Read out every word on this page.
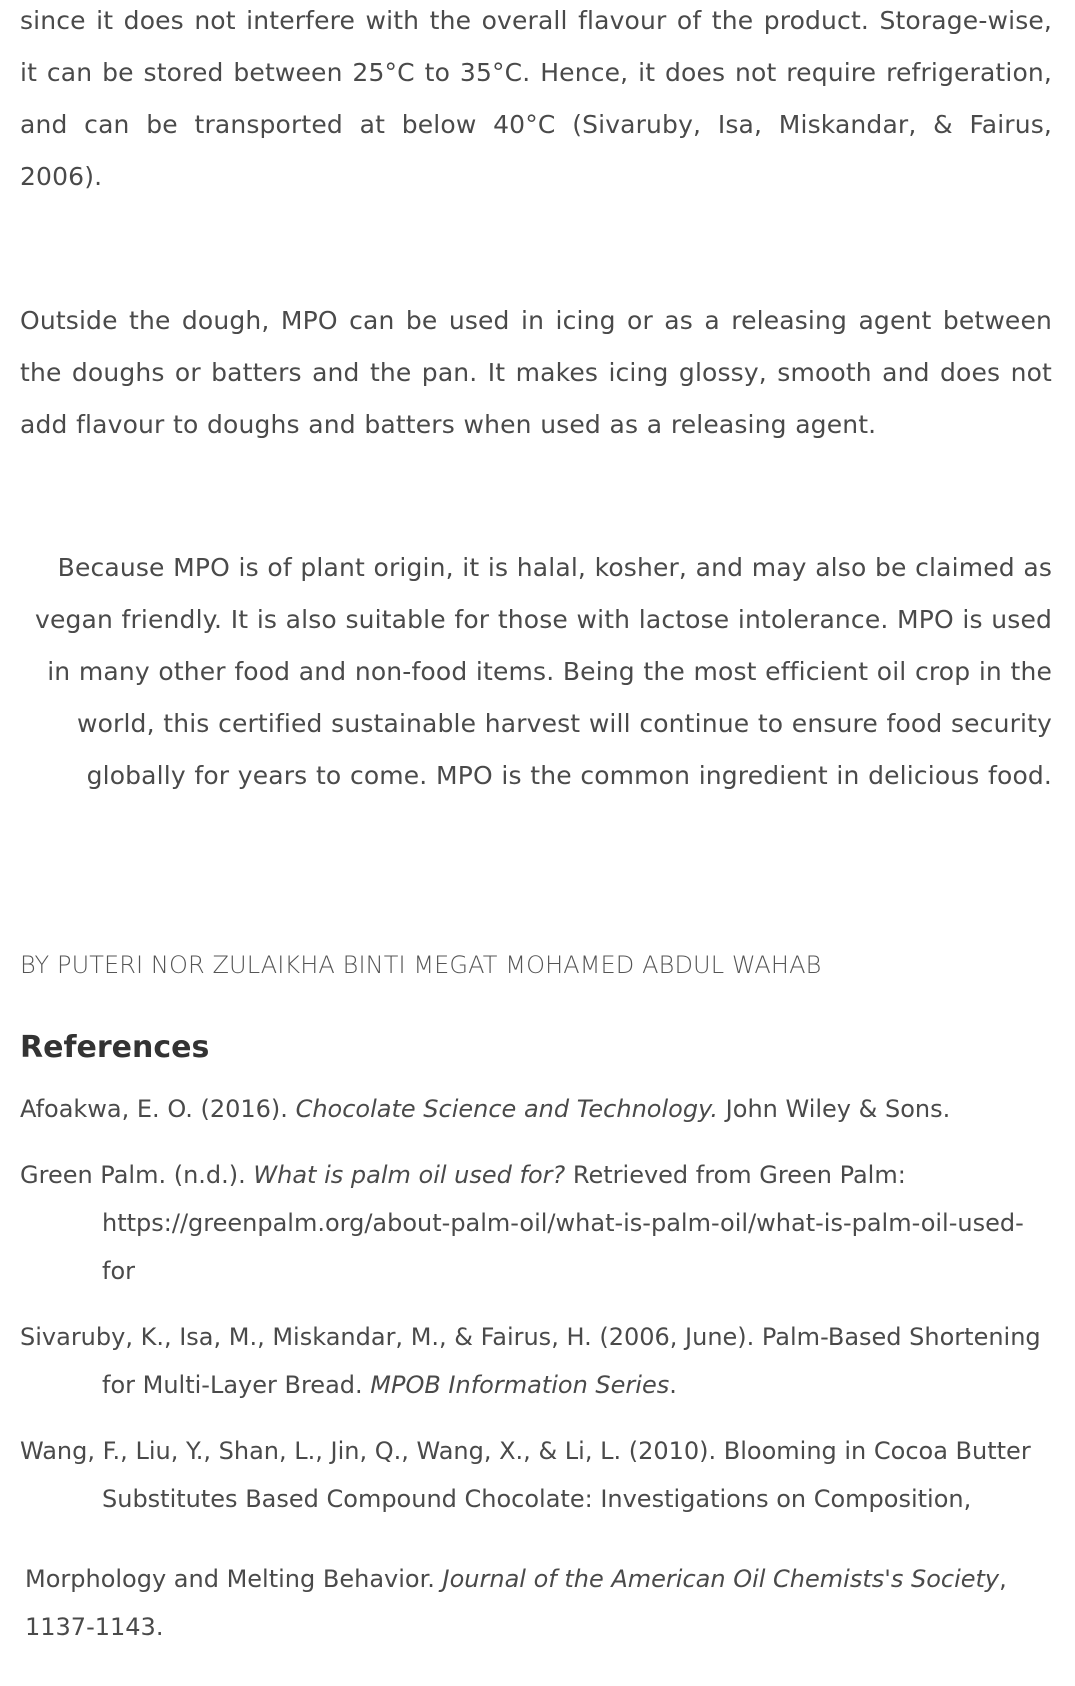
since it does not interfere with the overall flavour of the product. Storage-wise, it can be stored between 25°C to 35°C. Hence, it does not require refrigeration, and can be transported at below 40°C (Sivaruby, Isa, Miskandar, & Fairus, 2006).

Outside the dough, MPO can be used in icing or as a releasing agent between the doughs or batters and the pan. It makes icing glossy, smooth and does not add flavour to doughs and batters when used as a releasing agent.

Because MPO is of plant origin, it is halal, kosher, and may also be claimed as vegan friendly. It is also suitable for those with lactose intolerance. MPO is used in many other food and non-food items. Being the most efficient oil crop in the world, this certified sustainable harvest will continue to ensure food security globally for years to come. MPO is the common ingredient in delicious food.

BY PUTERI NOR ZULAIKHA BINTI MEGAT MOHAMED ABDUL WAHAB
References

Afoakwa, E. O. (2016). Chocolate Science and Technology. John Wiley & Sons.

Green Palm. (n.d.). What is palm oil used for? Retrieved from Green Palm: https://greenpalm.org/about-palm-oil/what-is-palm-oil/what-is-palm-oil-used-for

Sivaruby, K., Isa, M., Miskandar, M., & Fairus, H. (2006, June). Palm-Based Shortening for Multi-Layer Bread. MPOB Information Series.

Wang, F., Liu, Y., Shan, L., Jin, Q., Wang, X., & Li, L. (2010). Blooming in Cocoa Butter Substitutes Based Compound Chocolate: Investigations on Composition,

Morphology and Melting Behavior. Journal of the American Oil Chemists's Society, 1137-1143.
